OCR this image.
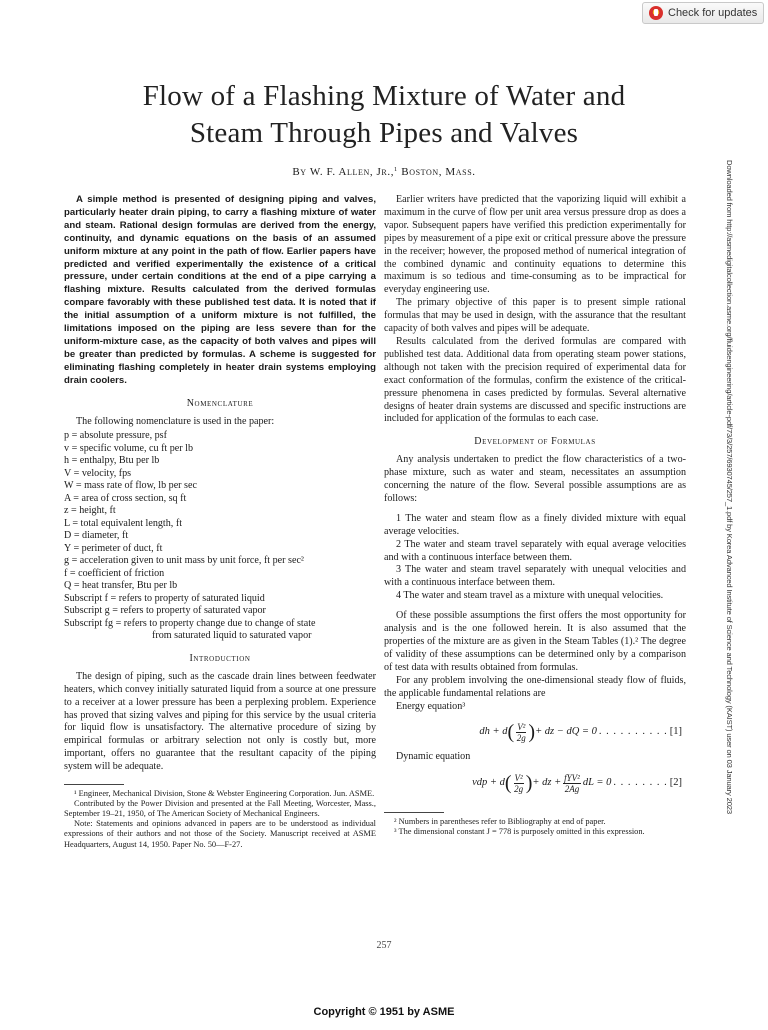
Check for updates
Flow of a Flashing Mixture of Water and
Steam Through Pipes and Valves
By W. F. Allen, Jr.,$^1$ Boston, Mass.

A simple method is presented of designing piping and valves, particularly heater drain piping, to carry a flashing mixture of water and steam. Rational design formulas are derived from the energy, continuity, and dynamic equations on the basis of an assumed uniform mixture at any point in the path of flow. Earlier papers have predicted and verified experimentally the existence of a critical pressure, under certain conditions at the end of a pipe carrying a flashing mixture. Results calculated from the derived formulas compare favorably with these published test data. It is noted that if the initial assumption of a uniform mixture is not fulfilled, the limitations imposed on the piping are less severe than for the uniform-mixture case, as the capacity of both valves and pipes will be greater than predicted by formulas. A scheme is suggested for eliminating flashing completely in heater drain systems employing drain coolers.

Nomenclature

The following nomenclature is used in the paper:

p = absolute pressure, psf
v = specific volume, cu ft per lb
h = enthalpy, Btu per lb
V = velocity, fps
W = mass rate of flow, lb per sec
A = area of cross section, sq ft
z = height, ft
L = total equivalent length, ft
D = diameter, ft
Y = perimeter of duct, ft
g = acceleration given to unit mass by unit force, ft per sec²
f = coefficient of friction
Q = heat transfer, Btu per lb
Subscript f = refers to property of saturated liquid
Subscript g = refers to property of saturated vapor
Subscript fg = refers to property change due to change of state
from saturated liquid to saturated vapor
Introduction

The design of piping, such as the cascade drain lines between feedwater heaters, which convey initially saturated liquid from a source at one pressure to a receiver at a lower pressure has been a perplexing problem. Experience has proved that sizing valves and piping for this service by the usual criteria for liquid flow is unsatisfactory. The alternative procedure of sizing by empirical formulas or arbitrary selection not only is costly but, more important, offers no guarantee that the resultant capacity of the piping system will be adequate.

¹ Engineer, Mechanical Division, Stone & Webster Engineering Corporation. Jun. ASME.

Contributed by the Power Division and presented at the Fall Meeting, Worcester, Mass., September 19–21, 1950, of The American Society of Mechanical Engineers.

Note: Statements and opinions advanced in papers are to be understood as individual expressions of their authors and not those of the Society. Manuscript received at ASME Headquarters, August 14, 1950. Paper No. 50—F-27.

Earlier writers have predicted that the vaporizing liquid will exhibit a maximum in the curve of flow per unit area versus pressure drop as does a vapor. Subsequent papers have verified this prediction experimentally for pipes by measurement of a pipe exit or critical pressure above the pressure in the receiver; however, the proposed method of numerical integration of the combined dynamic and continuity equations to determine this maximum is so tedious and time-consuming as to be impractical for everyday engineering use.

The primary objective of this paper is to present simple rational formulas that may be used in design, with the assurance that the resultant capacity of both valves and pipes will be adequate.

Results calculated from the derived formulas are compared with published test data. Additional data from operating steam power stations, although not taken with the precision required of experimental data for exact conformation of the formulas, confirm the existence of the critical-pressure phenomena in cases predicted by formulas. Several alternative designs of heater drain systems are discussed and specific instructions are included for application of the formulas to each case.

Development of Formulas

Any analysis undertaken to predict the flow characteristics of a two-phase mixture, such as water and steam, necessitates an assumption concerning the nature of the flow. Several possible assumptions are as follows:

1 The water and steam flow as a finely divided mixture with equal average velocities.

2 The water and steam travel separately with equal average velocities and with a continuous interface between them.

3 The water and steam travel separately with unequal velocities and with a continuous interface between them.

4 The water and steam travel as a mixture with unequal velocities.

Of these possible assumptions the first offers the most opportunity for analysis and is the one followed herein. It is also assumed that the properties of the mixture are as given in the Steam Tables (1).² The degree of validity of these assumptions can be determined only by a comparison of test data with results obtained from formulas.

For any problem involving the one-dimensional steady flow of fluids, the applicable fundamental relations are

Energy equation³

dh + d ( $\frac{\text{V²}}{2g}$ ) + dz − dQ = 0 . . . . . . . . . . [1]

Dynamic equation

vdp + d ( $\frac{\text{V²}}{2g}$ ) + dz + $\frac{\text{fYV²}}{2Ag}$ dL = 0 . . . . . . . . [2]

² Numbers in parentheses refer to Bibliography at end of paper.

³ The dimensional constant J = 778 is purposely omitted in this expression.

257
Downloaded from http://asmedigitalcollection.asme.org/fluidsengineering/article-pdf/73/3/257/6930745/257_1.pdf by Korea Advanced Institute of Science and Technology (KAIST) user on 03 January 2023
Copyright © 1951 by ASME
